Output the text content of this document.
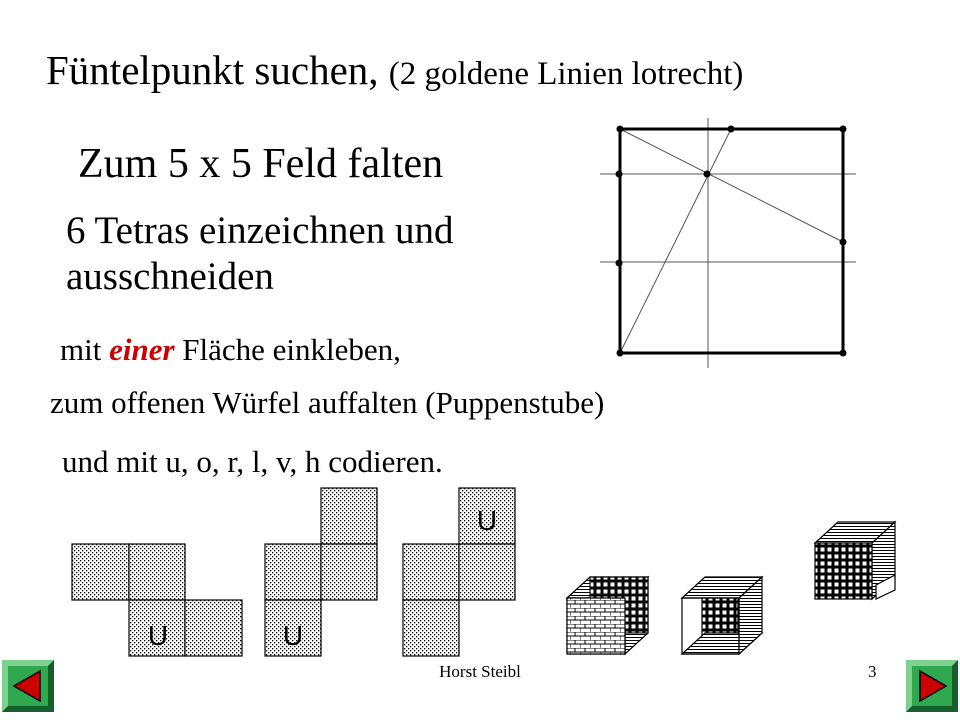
Füntelpunkt suchen, (2 goldene Linien lotrecht)
Zum 5 x 5 Feld falten
6 Tetras einzeichnen und ausschneiden
mit einer Fläche einkleben,
zum offenen Würfel auffalten (Puppenstube)
und mit u, o, r, l, v, h codieren.
U	U
U
Horst Steibl	3
